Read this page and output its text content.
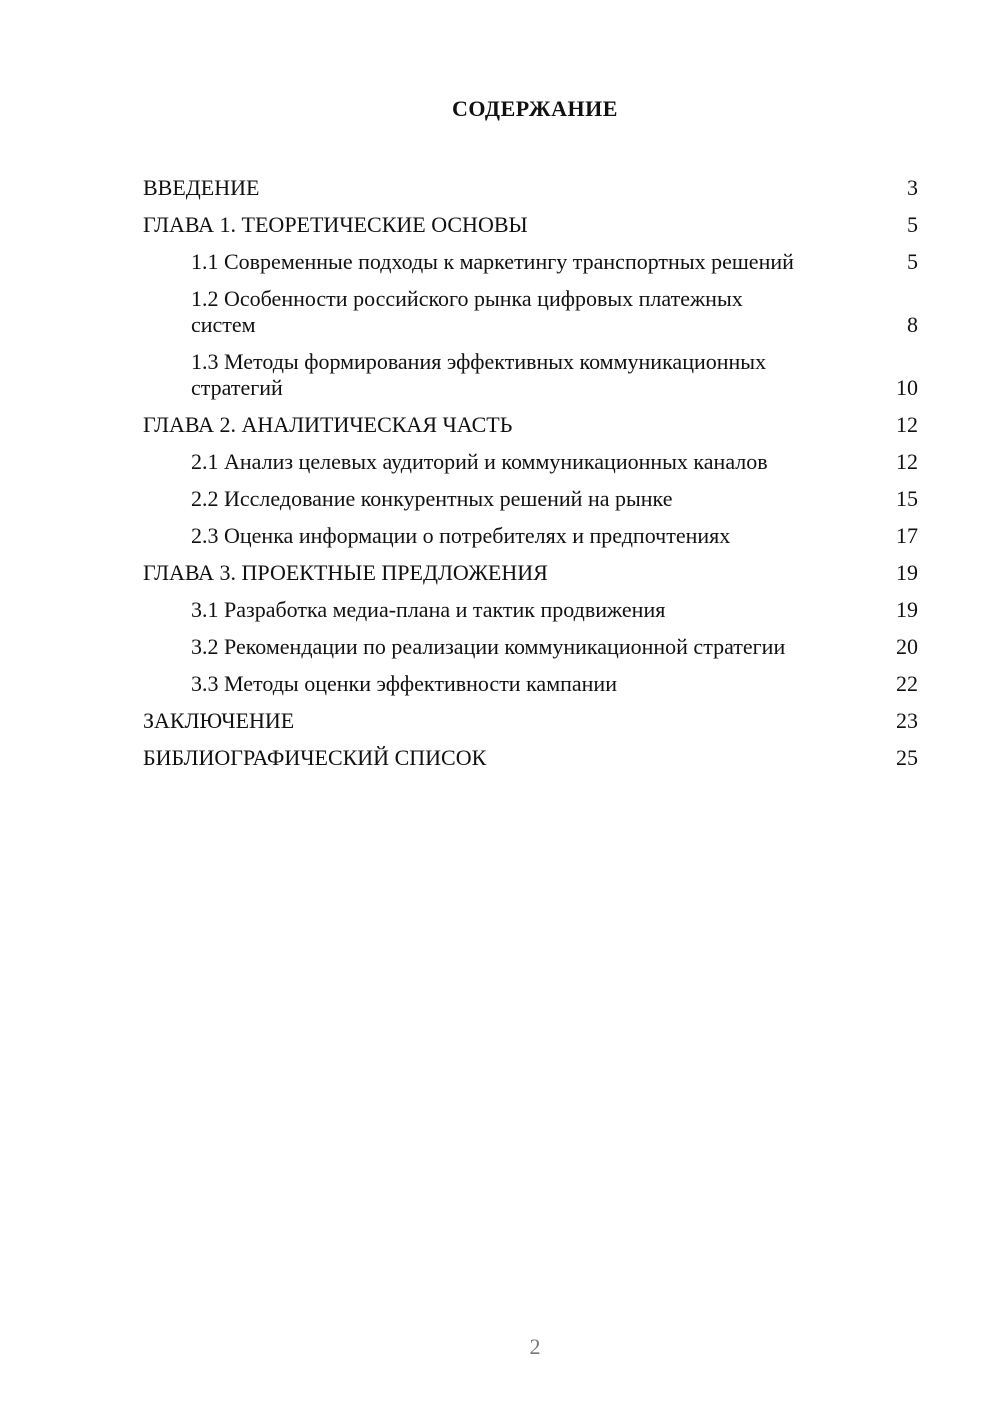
СОДЕРЖАНИЕ
ВВЕДЕНИЕ	3
ГЛАВА 1. ТЕОРЕТИЧЕСКИЕ ОСНОВЫ	5
1.1 Современные подходы к маркетингу транспортных решений	5
1.2 Особенности российского рынка цифровых платежных систем	8
1.3 Методы формирования эффективных коммуникационных стратегий	10
ГЛАВА 2. АНАЛИТИЧЕСКАЯ ЧАСТЬ	12
2.1 Анализ целевых аудиторий и коммуникационных каналов	12
2.2 Исследование конкурентных решений на рынке	15
2.3 Оценка информации о потребителях и предпочтениях	17
ГЛАВА 3. ПРОЕКТНЫЕ ПРЕДЛОЖЕНИЯ	19
3.1 Разработка медиа-плана и тактик продвижения	19
3.2 Рекомендации по реализации коммуникационной стратегии	20
3.3 Методы оценки эффективности кампании	22
ЗАКЛЮЧЕНИЕ	23
БИБЛИОГРАФИЧЕСКИЙ СПИСОК	25
2
